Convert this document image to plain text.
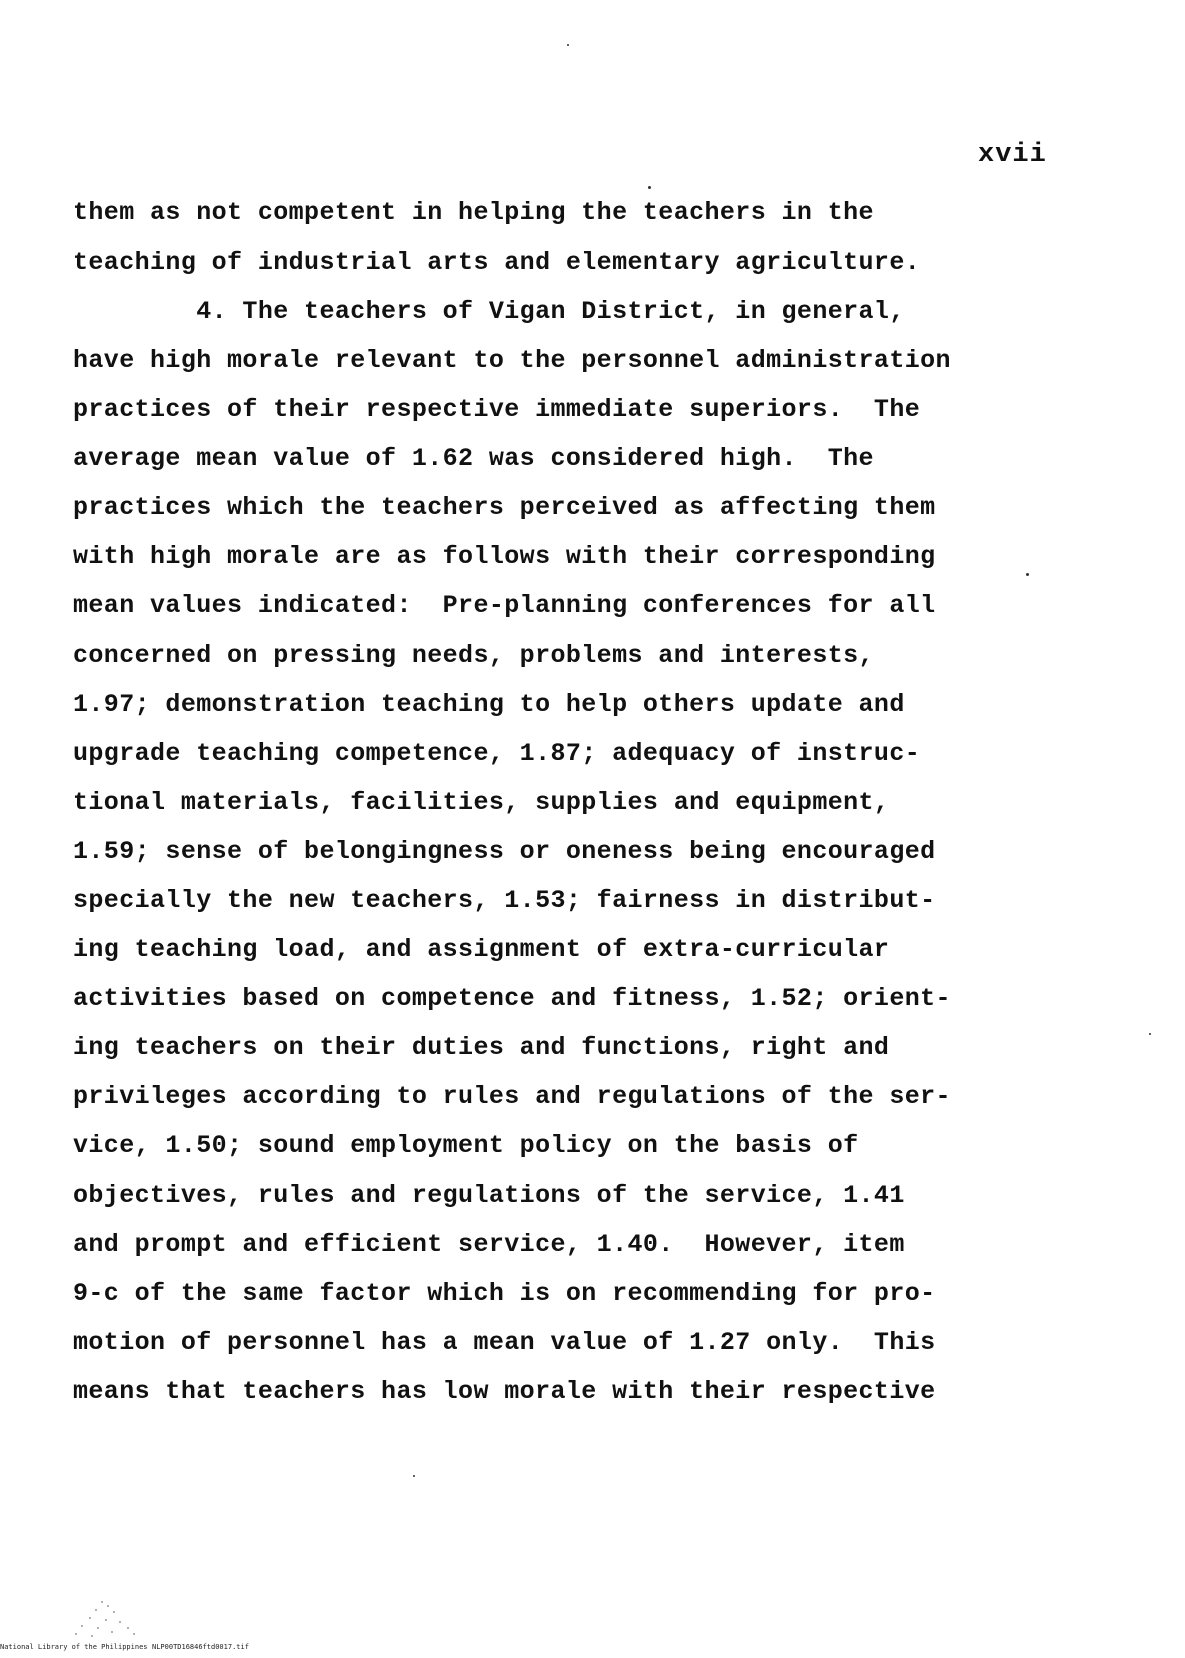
xvii
them as not competent in helping the teachers in the
teaching of industrial arts and elementary agriculture.
4. The teachers of Vigan District, in general,
have high morale relevant to the personnel administration
practices of their respective immediate superiors.  The
average mean value of 1.62 was considered high.  The
practices which the teachers perceived as affecting them
with high morale are as follows with their corresponding
mean values indicated:  Pre-planning conferences for all
concerned on pressing needs, problems and interests,
1.97; demonstration teaching to help others update and
upgrade teaching competence, 1.87; adequacy of instruc-
tional materials, facilities, supplies and equipment,
1.59; sense of belongingness or oneness being encouraged
specially the new teachers, 1.53; fairness in distribut-
ing teaching load, and assignment of extra-curricular
activities based on competence and fitness, 1.52; orient-
ing teachers on their duties and functions, right and
privileges according to rules and regulations of the ser-
vice, 1.50; sound employment policy on the basis of
objectives, rules and regulations of the service, 1.41
and prompt and efficient service, 1.40.  However, item
9-c of the same factor which is on recommending for pro-
motion of personnel has a mean value of 1.27 only.  This
means that teachers has low morale with their respective
National Library of the Philippines NLP00TD16846ftd0017.tif
